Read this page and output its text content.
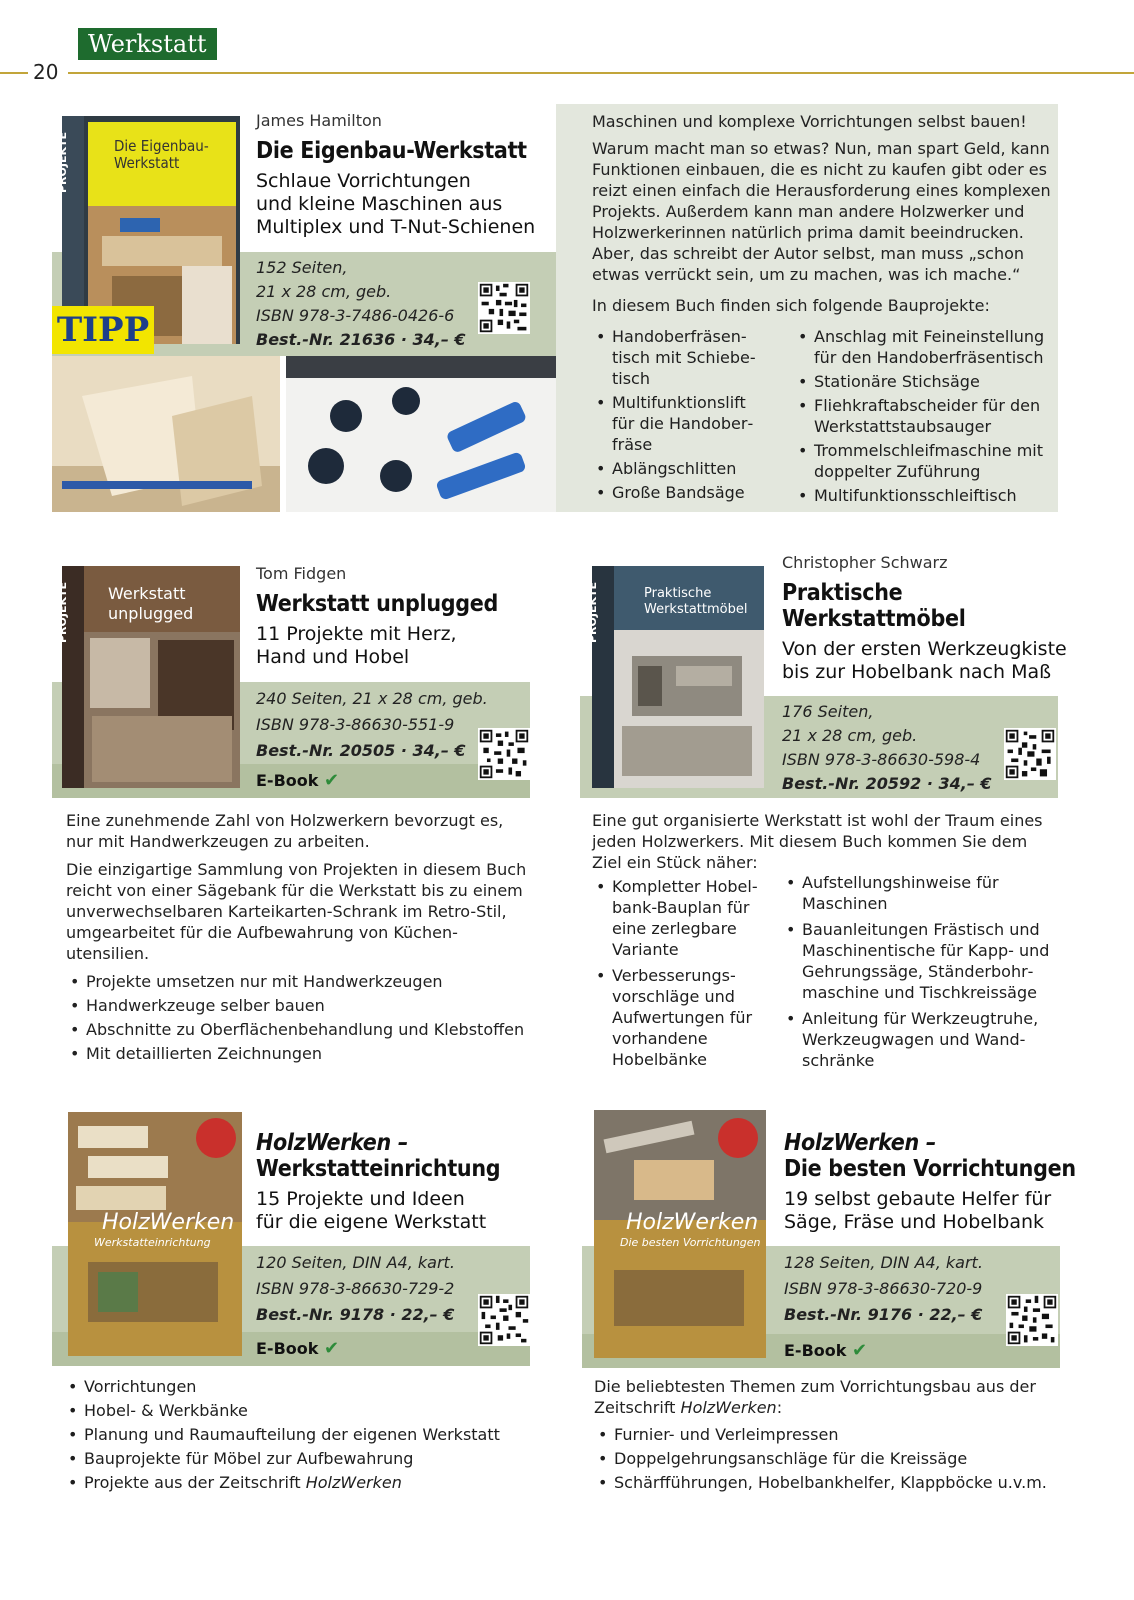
Werkstatt
20
PROJEKTE	Die Eigenbau-Werkstatt
TIPP
James Hamilton
Die Eigenbau-Werkstatt
Schlaue Vorrichtungen
und kleine Maschinen aus
Multiplex und T-Nut-Schienen
152 Seiten,
21 x 28 cm, geb.
ISBN 978-3-7486-0426-6
Best.-Nr. 21636 · 34,– €

Maschinen und komplexe Vorrichtungen selbst bauen!

Warum macht man so etwas? Nun, man spart Geld, kann Funktionen einbauen, die es nicht zu kaufen gibt oder es reizt einen einfach die Herausforderung eines komplexen Projekts. Außerdem kann man andere Holzwerker und Holzwerkerinnen natürlich prima damit beeindrucken. Aber, das schreibt der Autor selbst, man muss „schon etwas verrückt sein, um zu machen, was ich mache.“

In diesem Buch finden sich folgende Bauprojekte:

• Handoberfräsentisch mit Schiebetisch
• Multifunktionslift für die Handoberfräse
• Ablängschlitten
• Große Bandsäge
• Anschlag mit Feineinstellung für den Handoberfräsentisch
• Stationäre Stichsäge
• Fliehkraftabscheider für den Werkstattstaubsauger
• Trommelschleifmaschine mit doppelter Zuführung
• Multifunktionsschleiftisch
PROJEKTE Werkstatt
unplugged
Tom Fidgen
Werkstatt unplugged
11 Projekte mit Herz,
Hand und Hobel
240 Seiten, 21 x 28 cm, geb.
ISBN 978-3-86630-551-9
Best.-Nr. 20505 · 34,– €
E-Book ✔

Eine zunehmende Zahl von Holzwerkern bevorzugt es, nur mit Handwerkzeugen zu arbeiten.

Die einzigartige Sammlung von Projekten in diesem Buch reicht von einer Sägebank für die Werkstatt bis zu einem unverwechselbaren Karteikarten-Schrank im Retro-Stil, umgearbeitet für die Aufbewahrung von Küchenutensilien.

• Projekte umsetzen nur mit Handwerkzeugen
• Handwerkzeuge selber bauen
• Abschnitte zu Oberflächenbehandlung und Klebstoffen
• Mit detaillierten Zeichnungen
PROJEKTE	Praktische
Werkstattmöbel
Christopher Schwarz
Praktische
Werkstattmöbel
Von der ersten Werkzeugkiste
bis zur Hobelbank nach Maß
176 Seiten,
21 x 28 cm, geb.
ISBN 978-3-86630-598-4
Best.-Nr. 20592 · 34,– €
Eine gut organisierte Werkstatt ist wohl der Traum eines jeden Holzwerkers. Mit diesem Buch kommen Sie dem Ziel ein Stück näher:
• Kompletter Hobelbank-Bauplan für eine zerlegbare Variante
• Verbesserungsvorschläge und Aufwertungen für vorhandene Hobelbänke
• Aufstellungshinweise für Maschinen
• Bauanleitungen Frästisch und Maschinentische für Kapp- und Gehrungssäge, Ständerbohrmaschine und Tischkreissäge
• Anleitung für Werkzeugtruhe, Werkzeugwagen und Wandschränke
HolzWerken
Werkstatteinrichtung
HolzWerken –
Werkstatteinrichtung
15 Projekte und Ideen
für die eigene Werkstatt
120 Seiten, DIN A4, kart.
ISBN 978-3-86630-729-2
Best.-Nr. 9178 · 22,– €
E-Book ✔
• Vorrichtungen
• Hobel- & Werkbänke
• Planung und Raumaufteilung der eigenen Werkstatt
• Bauprojekte für Möbel zur Aufbewahrung
• Projekte aus der Zeitschrift HolzWerken
HolzWerken
Die besten Vorrichtungen
HolzWerken –
Die besten Vorrichtungen
19 selbst gebaute Helfer für
Säge, Fräse und Hobelbank
128 Seiten, DIN A4, kart.
ISBN 978-3-86630-720-9
Best.-Nr. 9176 · 22,– €
E-Book ✔
Die beliebtesten Themen zum Vorrichtungsbau aus der Zeitschrift HolzWerken:
• Furnier- und Verleimpressen
• Doppelgehrungsanschläge für die Kreissäge
• Schärfführungen, Hobelbankhelfer, Klappböcke u.v.m.
